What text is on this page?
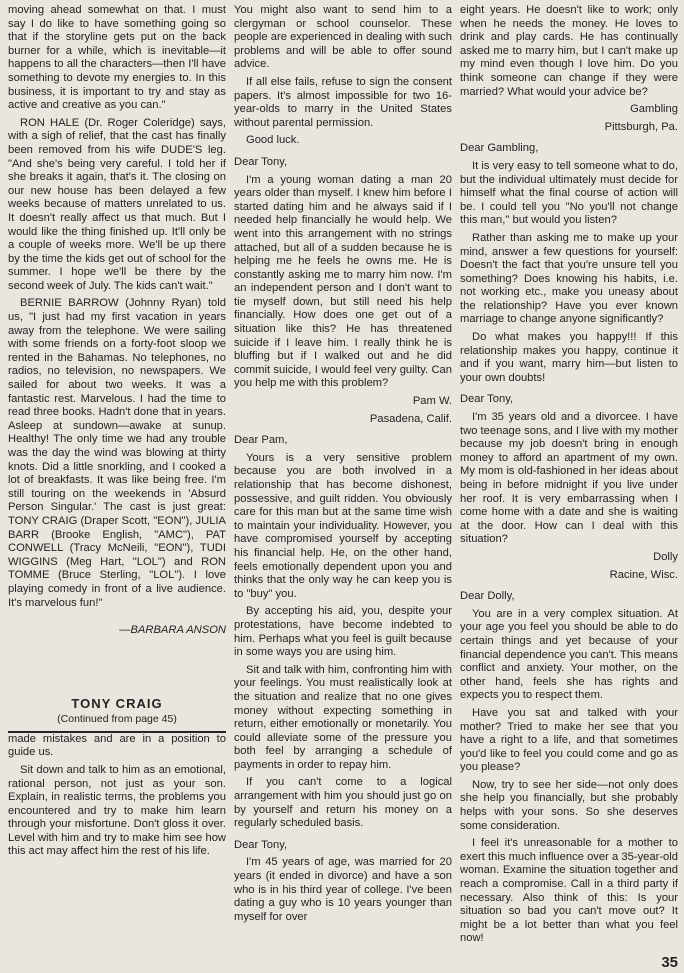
moving ahead somewhat on that. I must say I do like to have something going so that if the storyline gets put on the back burner for a while, which is inevitable—it happens to all the characters—then I'll have something to devote my energies to. In this business, it is important to try and stay as active and creative as you can."

RON HALE (Dr. Roger Coleridge) says, with a sigh of relief, that the cast has finally been removed from his wife DUDE'S leg. "And she's being very careful. I told her if she breaks it again, that's it. The closing on our new house has been delayed a few weeks because of matters unrelated to us. It doesn't really affect us that much. But I would like the thing finished up. It'll only be a couple of weeks more. We'll be up there by the time the kids get out of school for the summer. I hope we'll be there by the second week of July. The kids can't wait."

BERNIE BARROW (Johnny Ryan) told us, "I just had my first vacation in years away from the telephone. We were sailing with some friends on a forty-foot sloop we rented in the Bahamas. No telephones, no radios, no television, no newspapers. We sailed for about two weeks. It was a fantastic rest. Marvelous. I had the time to read three books. Hadn't done that in years. Asleep at sundown—awake at sunup. Healthy! The only time we had any trouble was the day the wind was blowing at thirty knots. Did a little snorkling, and I cooked a lot of breakfasts. It was like being free. I'm still touring on the weekends in 'Absurd Person Singular.' The cast is just great: TONY CRAIG (Draper Scott, "EON"), JULIA BARR (Brooke English, "AMC"), PAT CONWELL (Tracy McNeili, "EON"), TUDI WIGGINS (Meg Hart, "LOL") and RON TOMME (Bruce Sterling, "LOL"). I love playing comedy in front of a live audience. It's marvelous fun!"

—BARBARA ANSON

TONY CRAIG
(Continued from page 45)

made mistakes and are in a position to guide us.

Sit down and talk to him as an emotional, rational person, not just as your son. Explain, in realistic terms, the problems you encountered and try to make him learn through your misfortune. Don't gloss it over. Level with him and try to make him see how this act may affect him the rest of his life.

You might also want to send him to a clergyman or school counselor. These people are experienced in dealing with such problems and will be able to offer sound advice.

If all else fails, refuse to sign the consent papers. It's almost impossible for two 16-year-olds to marry in the United States without parental permission.

Good luck.

Dear Tony,

I'm a young woman dating a man 20 years older than myself. I knew him before I started dating him and he always said if I needed help financially he would help. We went into this arrangement with no strings attached, but all of a sudden because he is helping me he feels he owns me. He is constantly asking me to marry him now. I'm an independent person and I don't want to tie myself down, but still need his help financially. How does one get out of a situation like this? He has threatened suicide if I leave him. I really think he is bluffing but if I walked out and he did commit suicide, I would feel very guilty. Can you help me with this problem?

Pam W.

Pasadena, Calif.

Dear Pam,

Yours is a very sensitive problem because you are both involved in a relationship that has become dishonest, possessive, and guilt ridden. You obviously care for this man but at the same time wish to maintain your individuality. However, you have compromised yourself by accepting his financial help. He, on the other hand, feels emotionally dependent upon you and thinks that the only way he can keep you is to "buy" you.

By accepting his aid, you, despite your protestations, have become indebted to him. Perhaps what you feel is guilt because in some ways you are using him.

Sit and talk with him, confronting him with your feelings. You must realistically look at the situation and realize that no one gives money without expecting something in return, either emotionally or monetarily. You could alleviate some of the pressure you both feel by arranging a schedule of payments in order to repay him.

If you can't come to a logical arrangement with him you should just go on by yourself and return his money on a regularly scheduled basis.

Dear Tony,

I'm 45 years of age, was married for 20 years (it ended in divorce) and have a son who is in his third year of college. I've been dating a guy who is 10 years younger than myself for over

eight years. He doesn't like to work; only when he needs the money. He loves to drink and play cards. He has continually asked me to marry him, but I can't make up my mind even though I love him. Do you think someone can change if they were married? What would your advice be?

Gambling

Pittsburgh, Pa.

Dear Gambling,

It is very easy to tell someone what to do, but the individual ultimately must decide for himself what the final course of action will be. I could tell you "No you'll not change this man," but would you listen?

Rather than asking me to make up your mind, answer a few questions for yourself: Doesn't the fact that you're unsure tell you something? Does knowing his habits, i.e. not working etc., make you uneasy about the relationship? Have you ever known marriage to change anyone significantly?

Do what makes you happy!!! If this relationship makes you happy, continue it and if you want, marry him—but listen to your own doubts!

Dear Tony,

I'm 35 years old and a divorcee. I have two teenage sons, and I live with my mother because my job doesn't bring in enough money to afford an apartment of my own. My mom is old-fashioned in her ideas about being in before midnight if you live under her roof. It is very embarrassing when I come home with a date and she is waiting at the door. How can I deal with this situation?

Dolly

Racine, Wisc.

Dear Dolly,

You are in a very complex situation. At your age you feel you should be able to do certain things and yet because of your financial dependence you can't. This means conflict and anxiety. Your mother, on the other hand, feels she has rights and expects you to respect them.

Have you sat and talked with your mother? Tried to make her see that you have a right to a life, and that sometimes you'd like to feel you could come and go as you please?

Now, try to see her side—not only does she help you financially, but she probably helps with your sons. So she deserves some consideration.

I feel it's unreasonable for a mother to exert this much influence over a 35-year-old woman. Examine the situation together and reach a compromise. Call in a third party if necessary. Also think of this: Is your situation so bad you can't move out? It might be a lot better than what you feel now!

35
